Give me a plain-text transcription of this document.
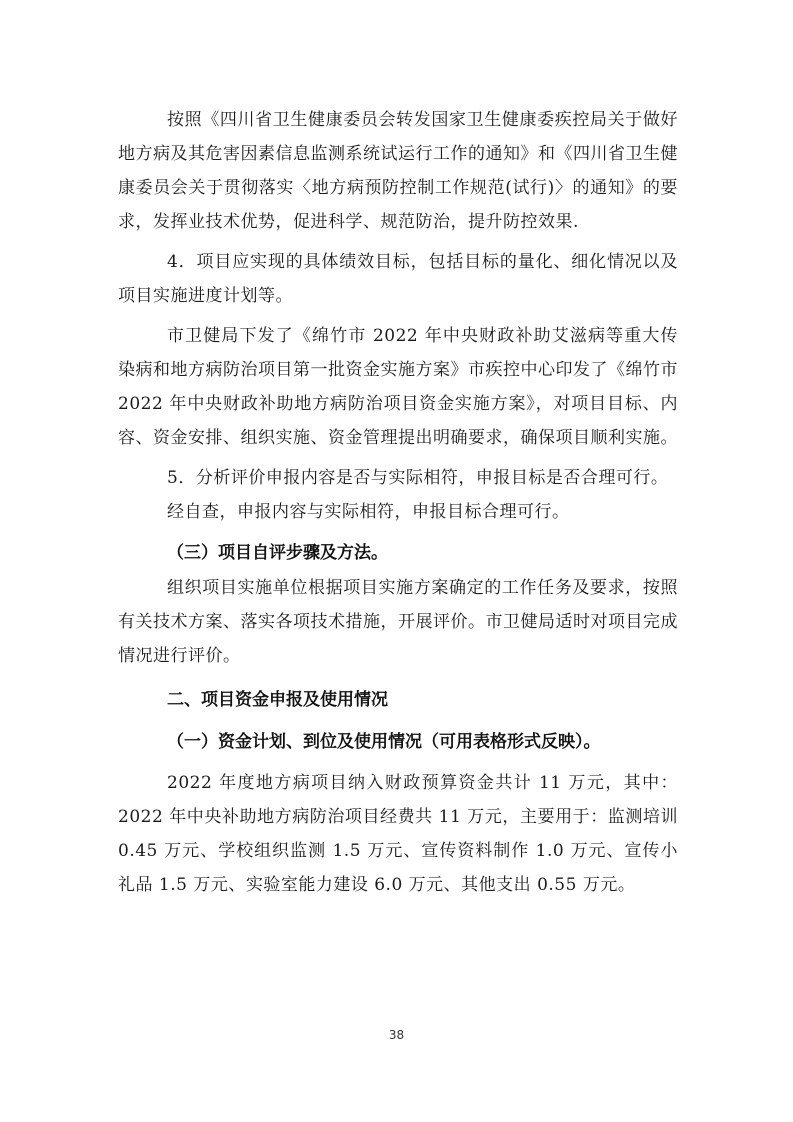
按照《四川省卫生健康委员会转发国家卫生健康委疾控局关于做好地方病及其危害因素信息监测系统试运行工作的通知》和《四川省卫生健康委员会关于贯彻落实〈地方病预防控制工作规范(试行)〉的通知》的要求，发挥业技术优势，促进科学、规范防治，提升防控效果.

4．项目应实现的具体绩效目标，包括目标的量化、细化情况以及项目实施进度计划等。

市卫健局下发了《绵竹市 2022 年中央财政补助艾滋病等重大传染病和地方病防治项目第一批资金实施方案》市疾控中心印发了《绵竹市 2022 年中央财政补助地方病防治项目资金实施方案》，对项目目标、内容、资金安排、组织实施、资金管理提出明确要求，确保项目顺利实施。

5．分析评价申报内容是否与实际相符，申报目标是否合理可行。

经自查，申报内容与实际相符，申报目标合理可行。

（三）项目自评步骤及方法。

组织项目实施单位根据项目实施方案确定的工作任务及要求，按照有关技术方案、落实各项技术措施，开展评价。市卫健局适时对项目完成情况进行评价。

二、项目资金申报及使用情况

（一）资金计划、到位及使用情况（可用表格形式反映）。

2022 年度地方病项目纳入财政预算资金共计 11 万元，其中：2022 年中央补助地方病防治项目经费共 11 万元，主要用于：监测培训 0.45 万元、学校组织监测 1.5 万元、宣传资料制作 1.0 万元、宣传小礼品 1.5 万元、实验室能力建设 6.0 万元、其他支出 0.55 万元。

38
